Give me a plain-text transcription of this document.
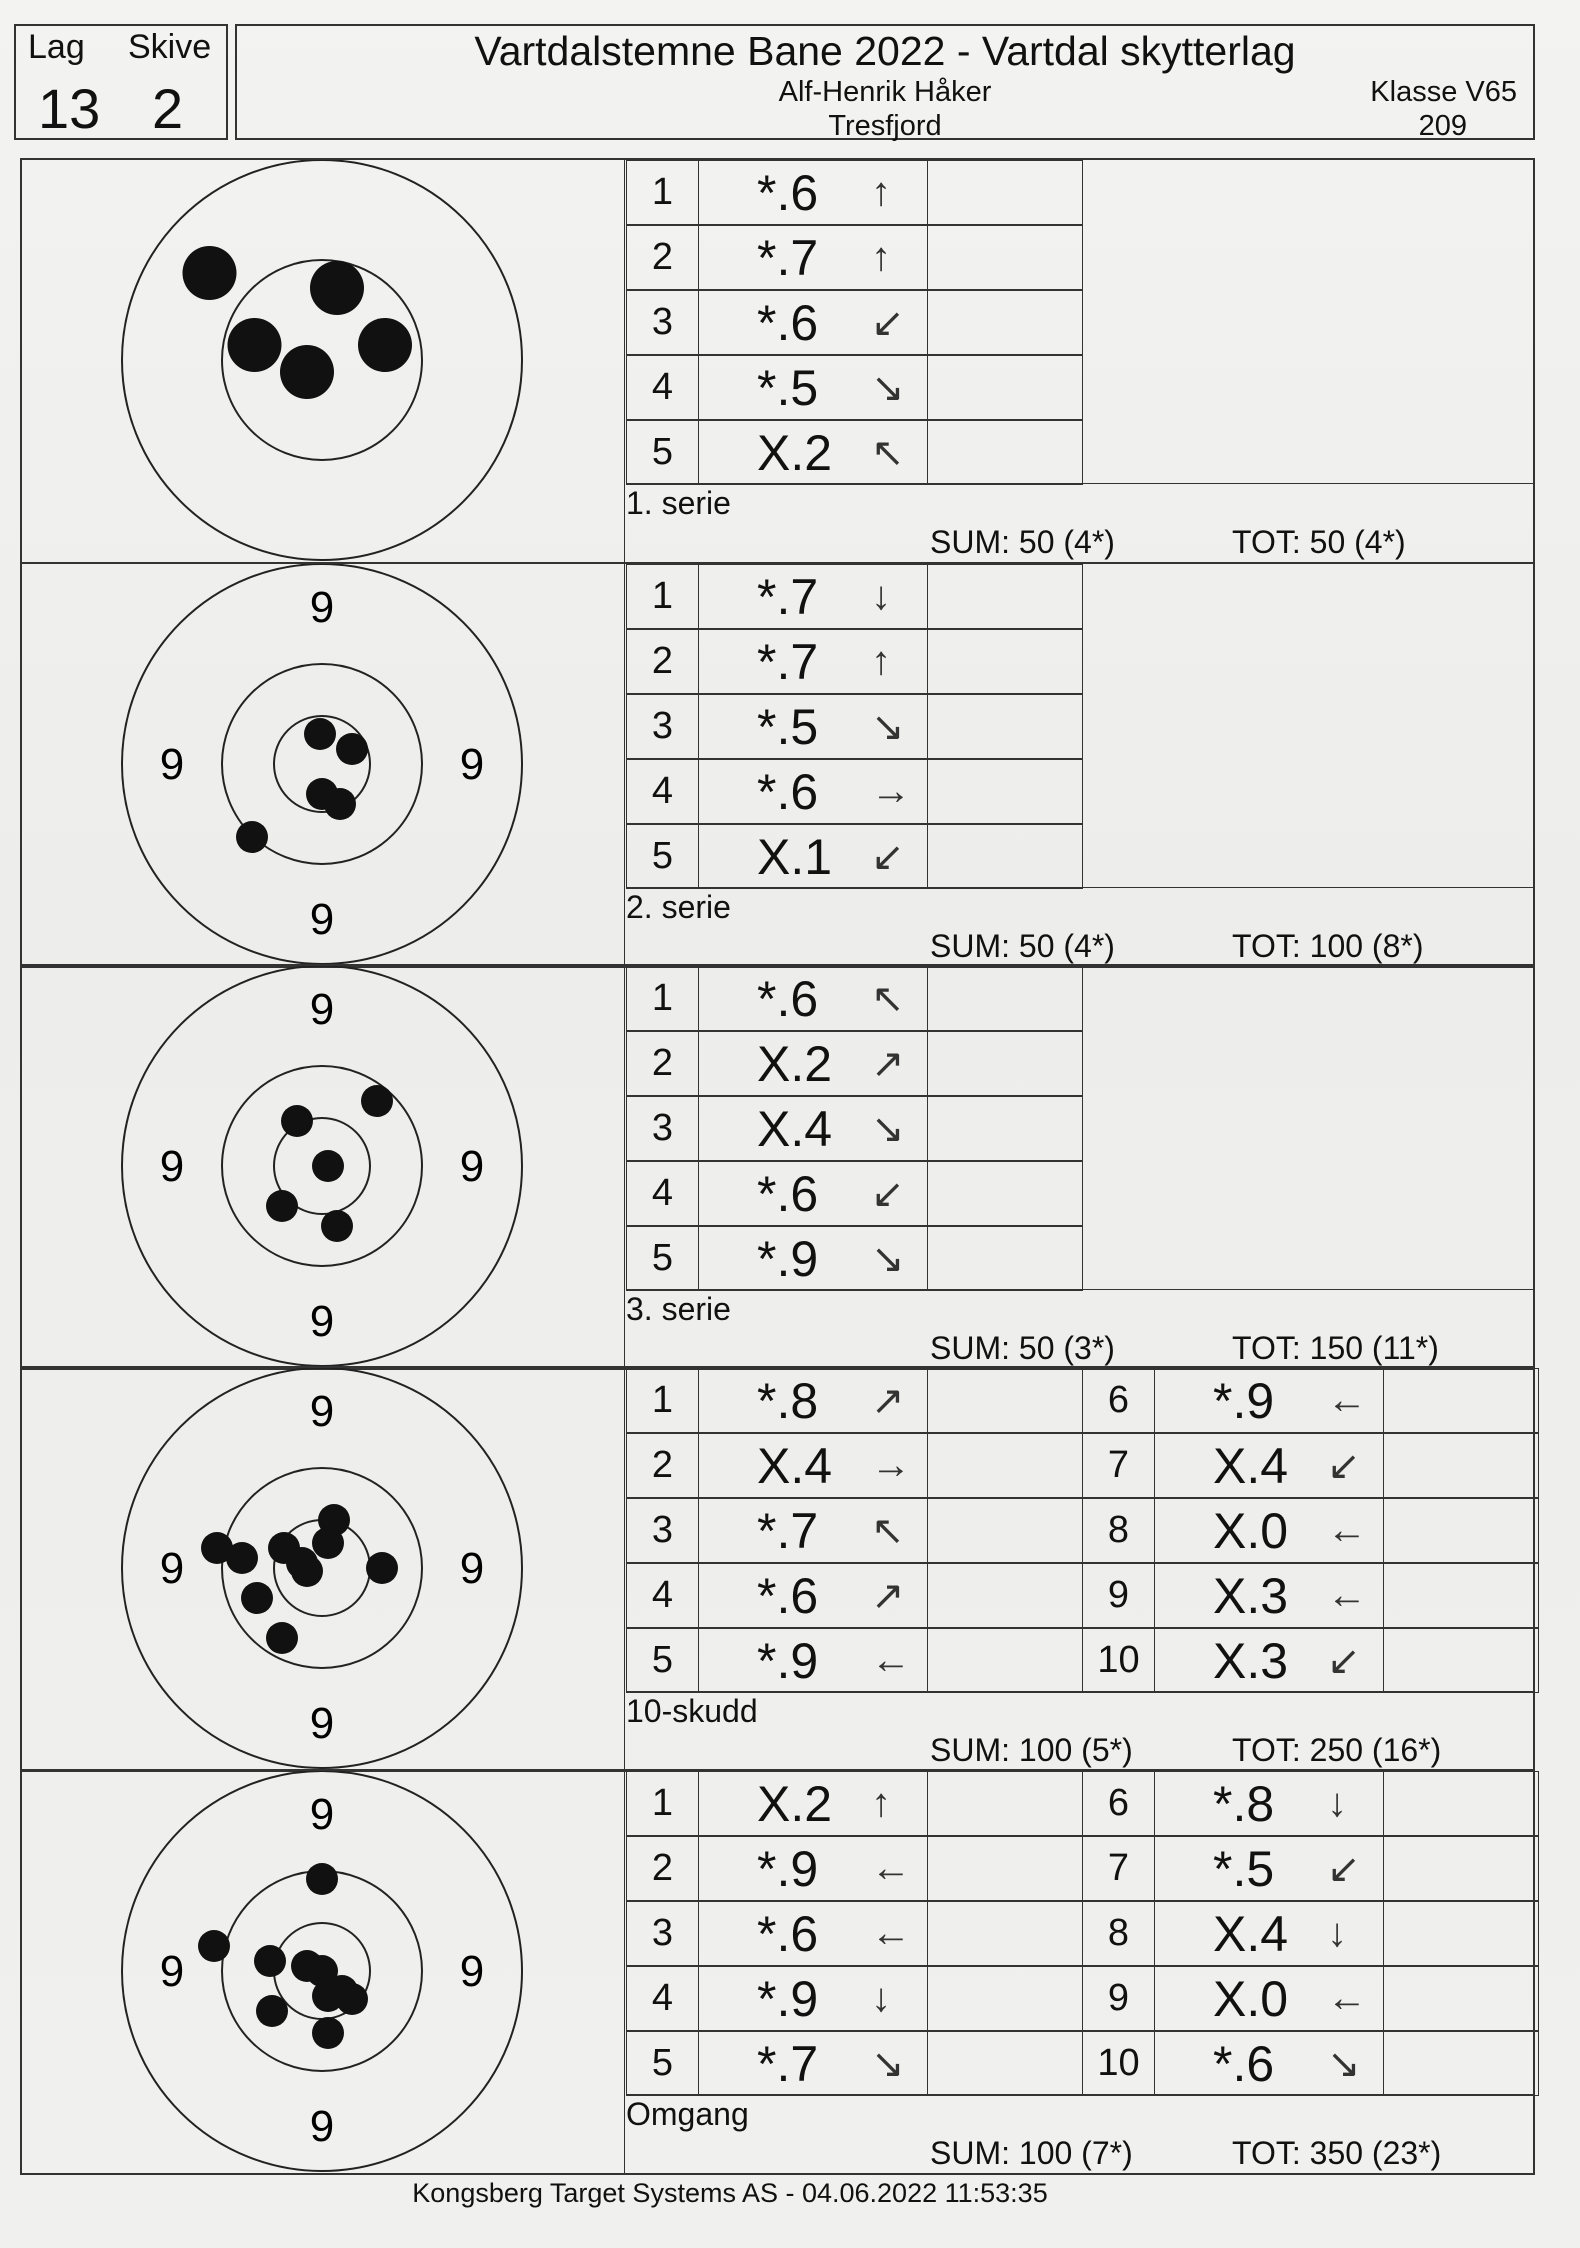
Lag Skive
13 2
Vartdalstemne Bane 2022 - Vartdal skytterlag
Alf-Henrik Håker
Tresfjord
Klasse V65
209
1	*.6 ↑
2	*.7 ↑
3	*.6 ↙
4	*.5 ↘
5	X.2 ↖
1. serie
SUM: 50 (4*)	TOT: 50 (4*)
9
9
9	9
1	*.7 ↓
2	*.7 ↑
3	*.5 ↘
4	*.6 →
5	X.1 ↙
2. serie
SUM: 50 (4*)	TOT: 100 (8*)
9
9
9	9
1	*.6 ↖
2	X.2 ↗
3	X.4 ↘
4	*.6 ↙
5	*.9 ↘
3. serie
SUM: 50 (3*)	TOT: 150 (11*)
9
9
9	9
1	*.8 ↗
2	X.4 →
3	*.7 ↖
4	*.6 ↗
5	*.9 ←
6	*.9 ←
7	X.4 ↙
8	X.0 ←
9	X.3 ←
10	X.3 ↙
10-skudd
SUM: 100 (5*)	TOT: 250 (16*)
9
9
9	9
1	X.2 ↑
2	*.9 ←
3	*.6 ←
4	*.9 ↓
5	*.7 ↘
6	*.8 ↓
7	*.5 ↙
8	X.4 ↓
9	X.0 ←
10	*.6 ↘
Omgang
SUM: 100 (7*)	TOT: 350 (23*)
Kongsberg Target Systems AS - 04.06.2022 11:53:35
